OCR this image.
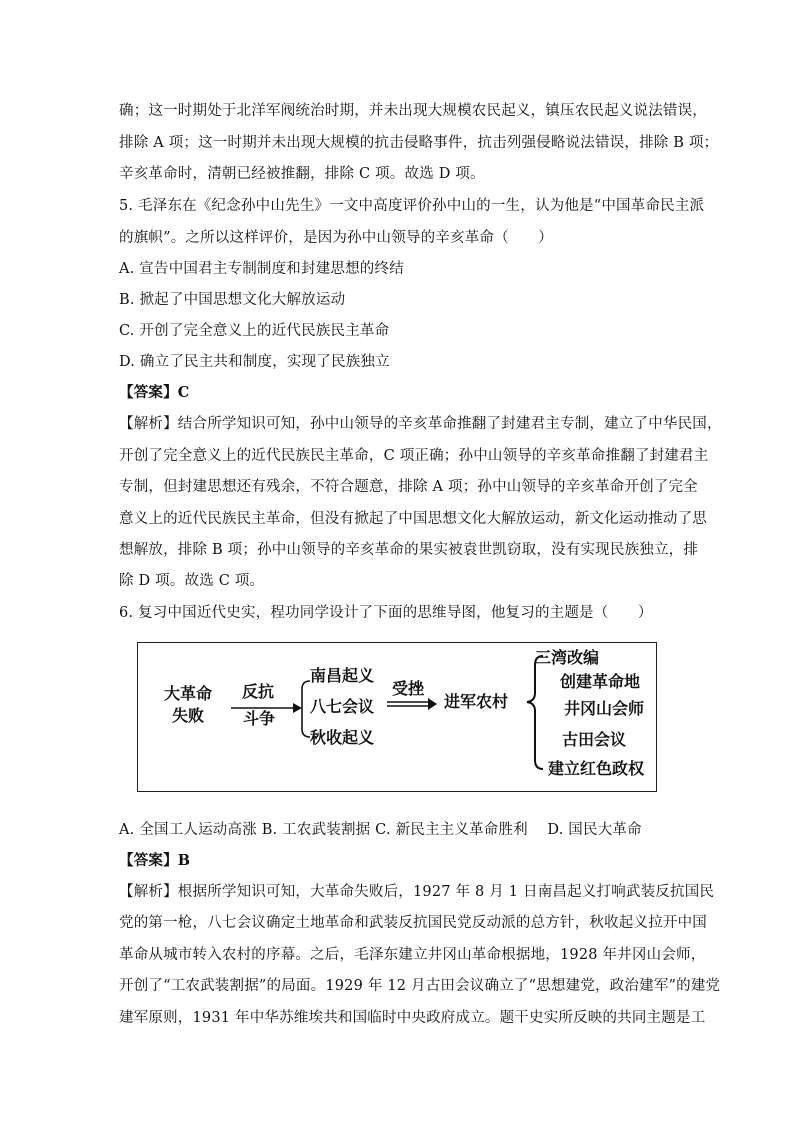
确；这一时期处于北洋军阀统治时期，并未出现大规模农民起义，镇压农民起义说法错误，
排除 A 项；这一时期并未出现大规模的抗击侵略事件，抗击列强侵略说法错误，排除 B 项；
辛亥革命时，清朝已经被推翻，排除 C 项。故选 D 项。
5. 毛泽东在《纪念孙中山先生》一文中高度评价孙中山的一生，认为他是“中国革命民主派
的旗帜”。之所以这样评价，是因为孙中山领导的辛亥革命（　　）
A. 宣告中国君主专制制度和封建思想的终结
B. 掀起了中国思想文化大解放运动
C. 开创了完全意义上的近代民族民主革命
D. 确立了民主共和制度，实现了民族独立
【答案】C
【解析】结合所学知识可知，孙中山领导的辛亥革命推翻了封建君主专制，建立了中华民国，
开创了完全意义上的近代民族民主革命，C 项正确；孙中山领导的辛亥革命推翻了封建君主
专制，但封建思想还有残余，不符合题意，排除 A 项；孙中山领导的辛亥革命开创了完全
意义上的近代民族民主革命，但没有掀起了中国思想文化大解放运动，新文化运动推动了思
想解放，排除 B 项；孙中山领导的辛亥革命的果实被袁世凯窃取，没有实现民族独立，排
除 D 项。故选 C 项。
6. 复习中国近代史实，程功同学设计了下面的思维导图，他复习的主题是（　　）
大革命
失败
反抗
斗争
南昌起义
八七会议
秋收起义
受挫
进军农村
三湾改编
创建革命地
井冈山会师
古田会议
建立红色政权
A. 全国工人运动高涨 B. 工农武装割据 C. 新民主主义革命胜利　 D. 国民大革命
【答案】B
【解析】根据所学知识可知，大革命失败后，1927 年 8 月 1 日南昌起义打响武装反抗国民
党的第一枪，八七会议确定土地革命和武装反抗国民党反动派的总方针，秋收起义拉开中国
革命从城市转入农村的序幕。之后，毛泽东建立井冈山革命根据地，1928 年井冈山会师，
开创了“工农武装割据”的局面。1929 年 12 月古田会议确立了“思想建党，政治建军”的建党
建军原则，1931 年中华苏维埃共和国临时中央政府成立。题干史实所反映的共同主题是工
